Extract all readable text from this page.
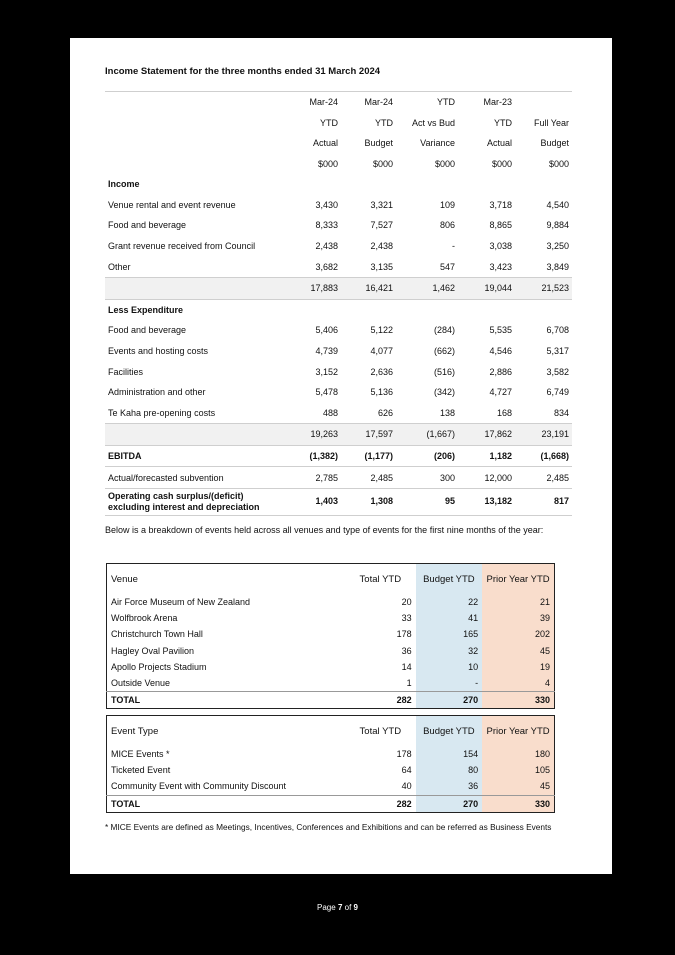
Income Statement for the three months ended 31 March 2024
	Mar-24	Mar-24	YTD	Mar-23	
	YTD	YTD	Act vs Bud	YTD	Full Year
	Actual	Budget	Variance	Actual	Budget
	$000	$000	$000	$000	$000
Income					
Venue rental and event revenue	3,430	3,321	109	3,718	4,540
Food and beverage	8,333	7,527	806	8,865	9,884
Grant revenue received from Council	2,438	2,438	-	3,038	3,250
Other	3,682	3,135	547	3,423	3,849
	17,883	16,421	1,462	19,044	21,523
Less Expenditure					
Food and beverage	5,406	5,122	(284)	5,535	6,708
Events and hosting costs	4,739	4,077	(662)	4,546	5,317
Facilities	3,152	2,636	(516)	2,886	3,582
Administration and other	5,478	5,136	(342)	4,727	6,749
Te Kaha pre-opening costs	488	626	138	168	834
	19,263	17,597	(1,667)	17,862	23,191
EBITDA	(1,382)	(1,177)	(206)	1,182	(1,668)
Actual/forecasted subvention	2,785	2,485	300	12,000	2,485
Operating cash surplus/(deficit)
excluding interest and depreciation	1,403	1,308	95	13,182	817
Below is a breakdown of events held across all venues and type of events for the first nine months of the year:
Venue	Total YTD	Budget YTD	Prior Year YTD
Air Force Museum of New Zealand	20	22	21
Wolfbrook Arena	33	41	39
Christchurch Town Hall	178	165	202
Hagley Oval Pavilion	36	32	45
Apollo Projects Stadium	14	10	19
Outside Venue	1	-	4
TOTAL	282	270	330
Event Type	Total YTD	Budget YTD	Prior Year YTD
MICE Events *	178	154	180
Ticketed Event	64	80	105
Community Event with Community Discount	40	36	45
TOTAL	282	270	330
* MICE Events are defined as Meetings, Incentives, Conferences and Exhibitions and can be referred as Business Events
Page 7 of 9
